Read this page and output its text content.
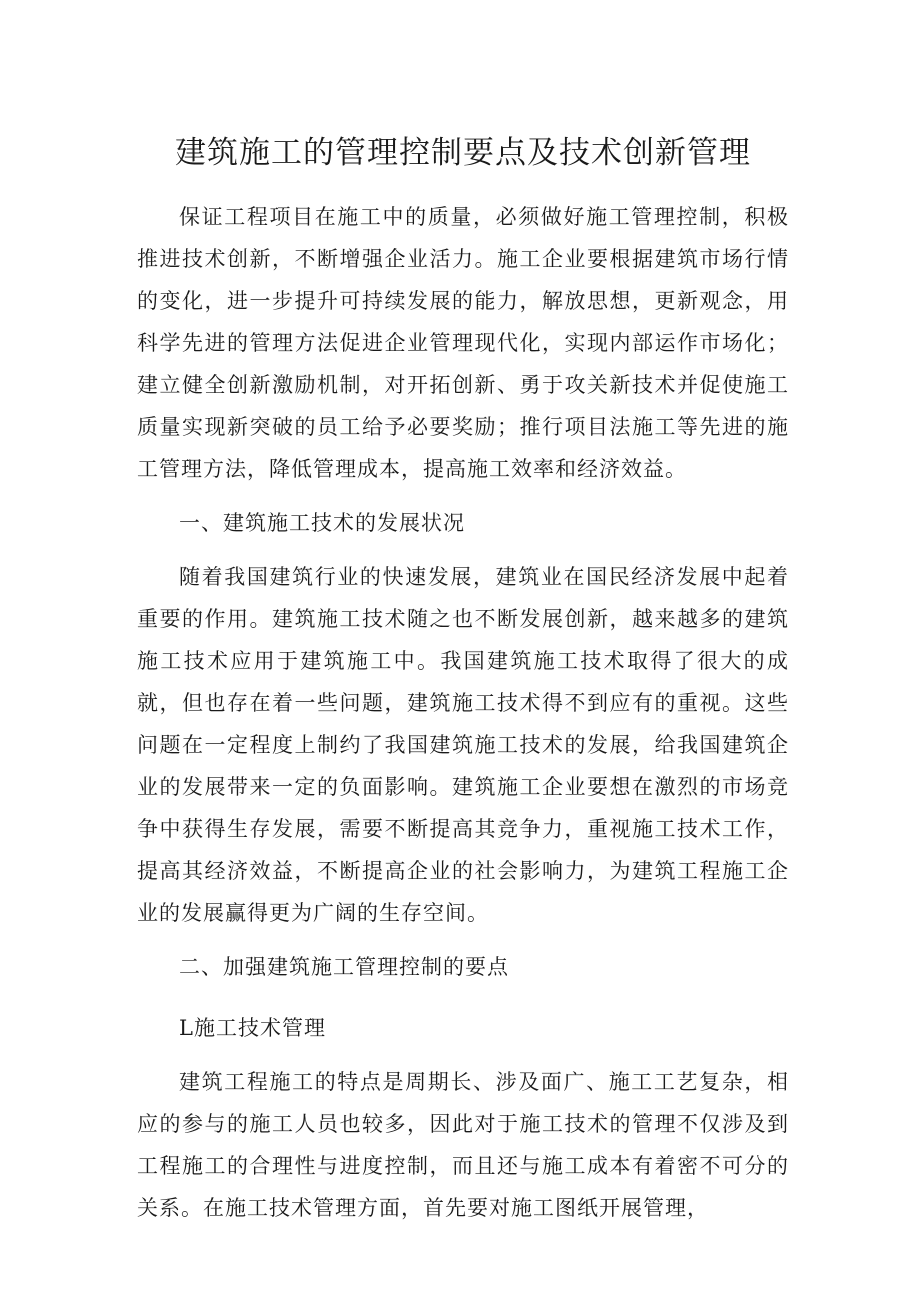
建筑施工的管理控制要点及技术创新管理

保证工程项目在施工中的质量，必须做好施工管理控制，积极推进技术创新，不断增强企业活力。施工企业要根据建筑市场行情的变化，进一步提升可持续发展的能力，解放思想，更新观念，用科学先进的管理方法促进企业管理现代化，实现内部运作市场化；建立健全创新激励机制，对开拓创新、勇于攻关新技术并促使施工质量实现新突破的员工给予必要奖励；推行项目法施工等先进的施工管理方法，降低管理成本，提高施工效率和经济效益。

一、建筑施工技术的发展状况

随着我国建筑行业的快速发展，建筑业在国民经济发展中起着重要的作用。建筑施工技术随之也不断发展创新，越来越多的建筑施工技术应用于建筑施工中。我国建筑施工技术取得了很大的成就，但也存在着一些问题，建筑施工技术得不到应有的重视。这些问题在一定程度上制约了我国建筑施工技术的发展，给我国建筑企业的发展带来一定的负面影响。建筑施工企业要想在激烈的市场竞争中获得生存发展，需要不断提高其竞争力，重视施工技术工作，提高其经济效益，不断提高企业的社会影响力，为建筑工程施工企业的发展赢得更为广阔的生存空间。

二、加强建筑施工管理控制的要点

L施工技术管理

建筑工程施工的特点是周期长、涉及面广、施工工艺复杂，相应的参与的施工人员也较多，因此对于施工技术的管理不仅涉及到工程施工的合理性与进度控制，而且还与施工成本有着密不可分的关系。在施工技术管理方面，首先要对施工图纸开展管理，
